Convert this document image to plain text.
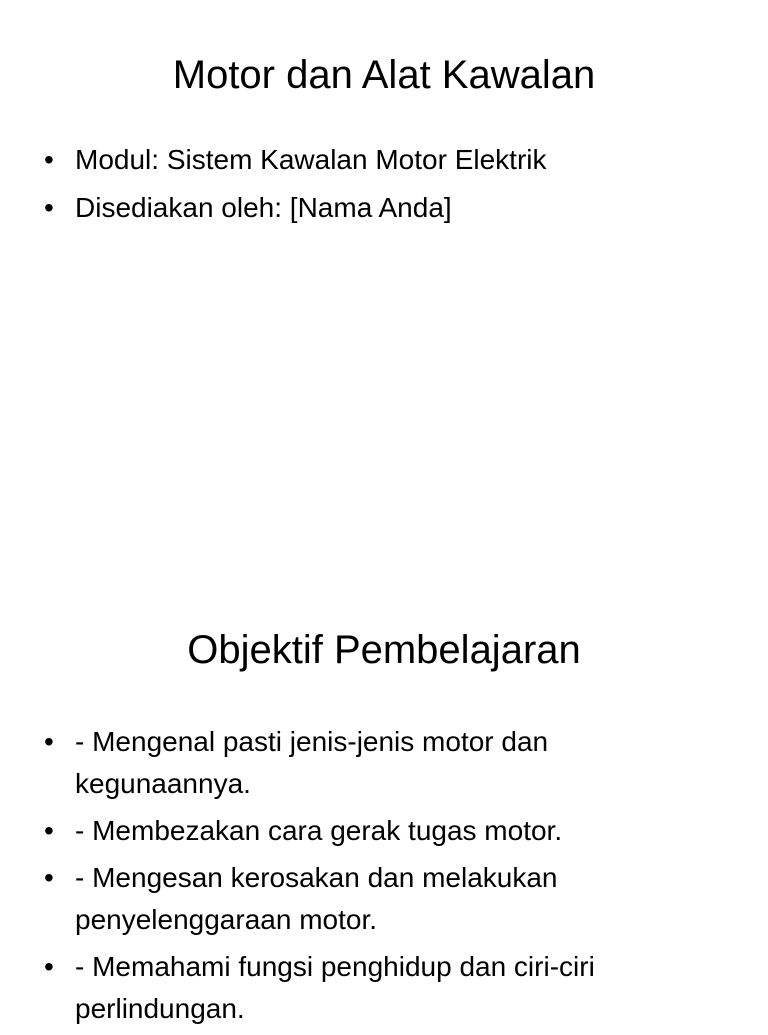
Motor dan Alat Kawalan
• Modul: Sistem Kawalan Motor Elektrik
• Disediakan oleh: [Nama Anda]
Objektif Pembelajaran
• - Mengenal pasti jenis-jenis motor dan kegunaannya.
• - Membezakan cara gerak tugas motor.
• - Mengesan kerosakan dan melakukan penyelenggaraan motor.
• - Memahami fungsi penghidup dan ciri-ciri perlindungan.
